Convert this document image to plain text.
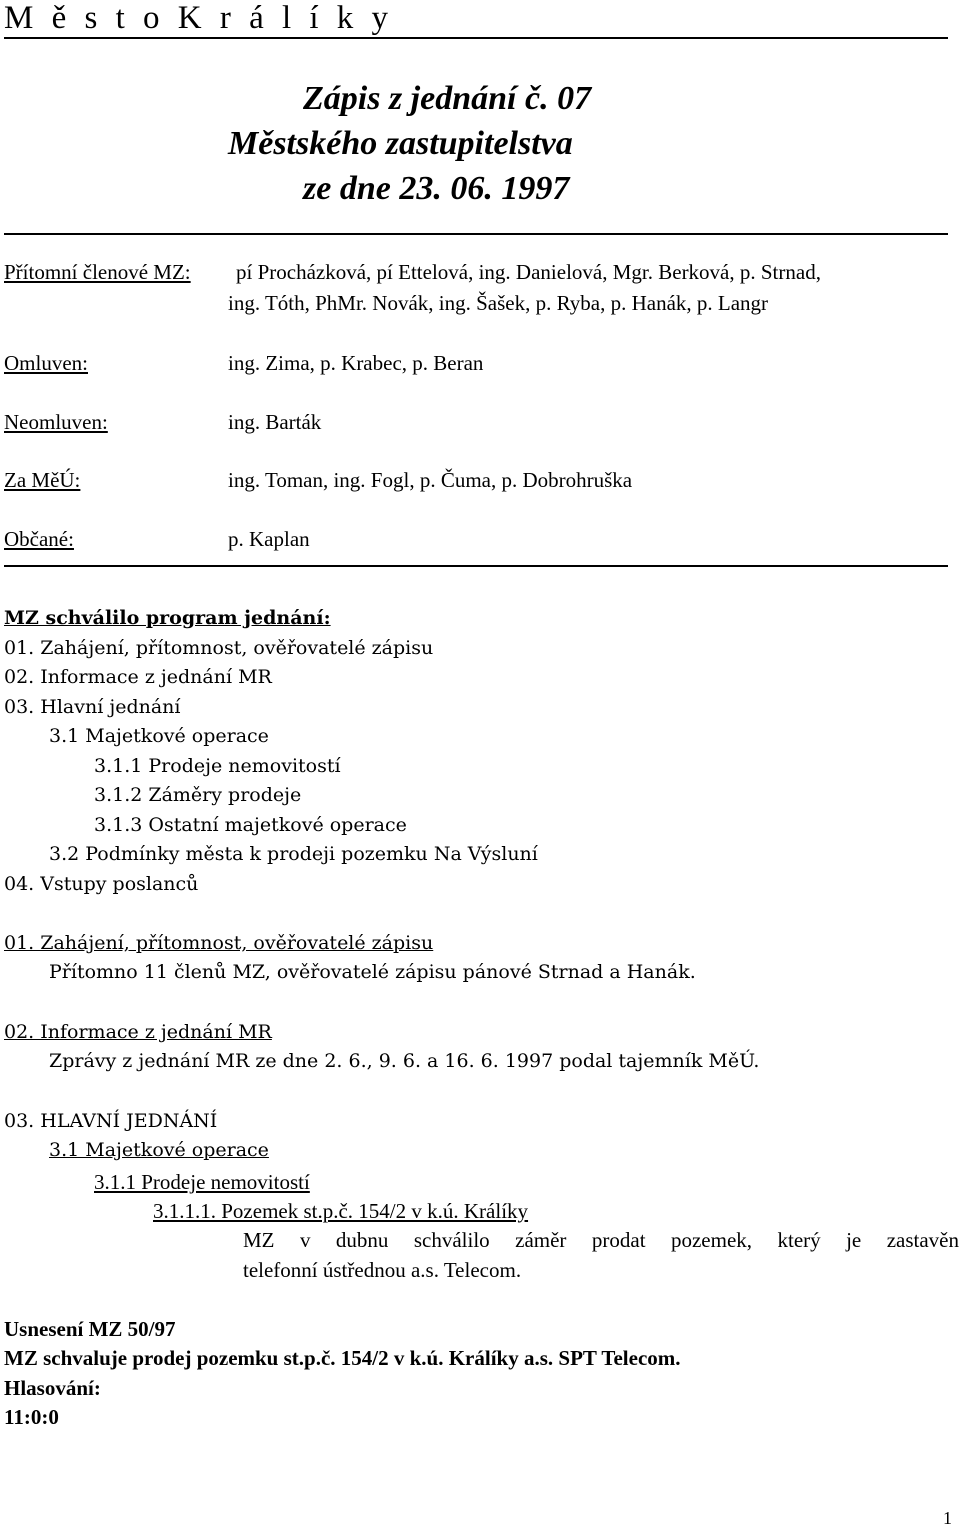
M ě s t o K r á l í k y
Zápis z jednání č. 07
Městského zastupitelstva
ze dne 23. 06. 1997
Přítomní členové MZ: pí Procházková, pí Ettelová, ing. Danielová, Mgr. Berková, p. Strnad,
ing. Tóth, PhMr. Novák, ing. Šašek, p. Ryba, p. Hanák, p. Langr
Omluven:	ing. Zima, p. Krabec, p. Beran
Neomluven:	ing. Barták
Za MěÚ:	ing. Toman, ing. Fogl, p. Čuma, p. Dobrohruška
Občané:	p. Kaplan
MZ schválilo program jednání:
01. Zahájení, přítomnost, ověřovatelé zápisu
02. Informace z jednání MR
03. Hlavní jednání
3.1 Majetkové operace
3.1.1 Prodeje nemovitostí
3.1.2 Záměry prodeje
3.1.3 Ostatní majetkové operace
3.2 Podmínky města k prodeji pozemku Na Výsluní
04. Vstupy poslanců
01. Zahájení, přítomnost, ověřovatelé zápisu
Přítomno 11 členů MZ, ověřovatelé zápisu pánové Strnad a Hanák.
02. Informace z jednání MR
Zprávy z jednání MR ze dne 2. 6., 9. 6. a 16. 6. 1997 podal tajemník MěÚ.
03. HLAVNÍ JEDNÁNÍ
3.1 Majetkové operace
3.1.1 Prodeje nemovitostí
3.1.1.1. Pozemek st.p.č. 154/2 v k.ú. Králíky
MZ v dubnu schválilo záměr prodat pozemek, který je zastavěn
telefonní ústřednou a.s. Telecom.
Usnesení MZ 50/97
MZ schvaluje prodej pozemku st.p.č. 154/2 v k.ú. Králíky a.s. SPT Telecom.
Hlasování:
11:0:0
1
